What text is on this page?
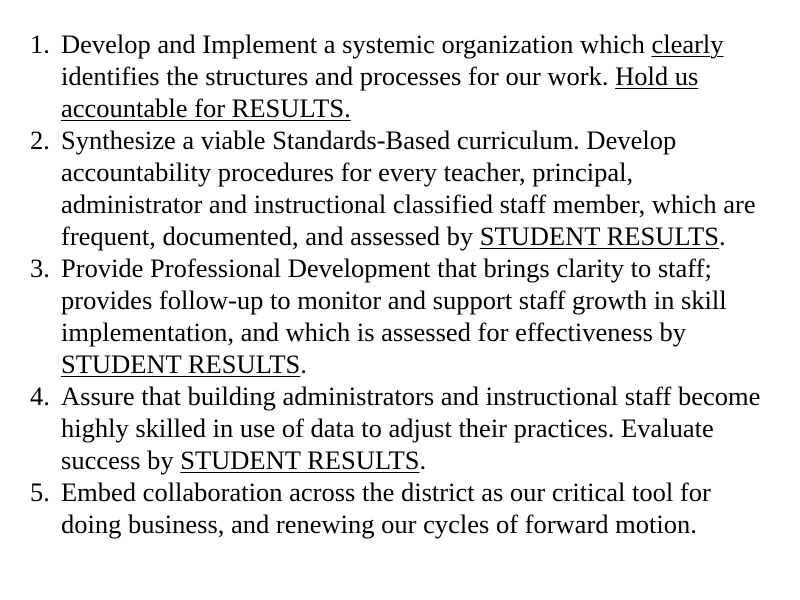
1. Develop and Implement a systemic organization which clearly identifies the structures and processes for our work. Hold us accountable for RESULTS.
2. Synthesize a viable Standards-Based curriculum. Develop accountability procedures for every teacher, principal, administrator and instructional classified staff member, which are frequent, documented, and assessed by STUDENT RESULTS.
3. Provide Professional Development that brings clarity to staff; provides follow-up to monitor and support staff growth in skill implementation, and which is assessed for effectiveness by STUDENT RESULTS.
4. Assure that building administrators and instructional staff become highly skilled in use of data to adjust their practices. Evaluate success by STUDENT RESULTS.
5. Embed collaboration across the district as our critical tool for doing business, and renewing our cycles of forward motion.
